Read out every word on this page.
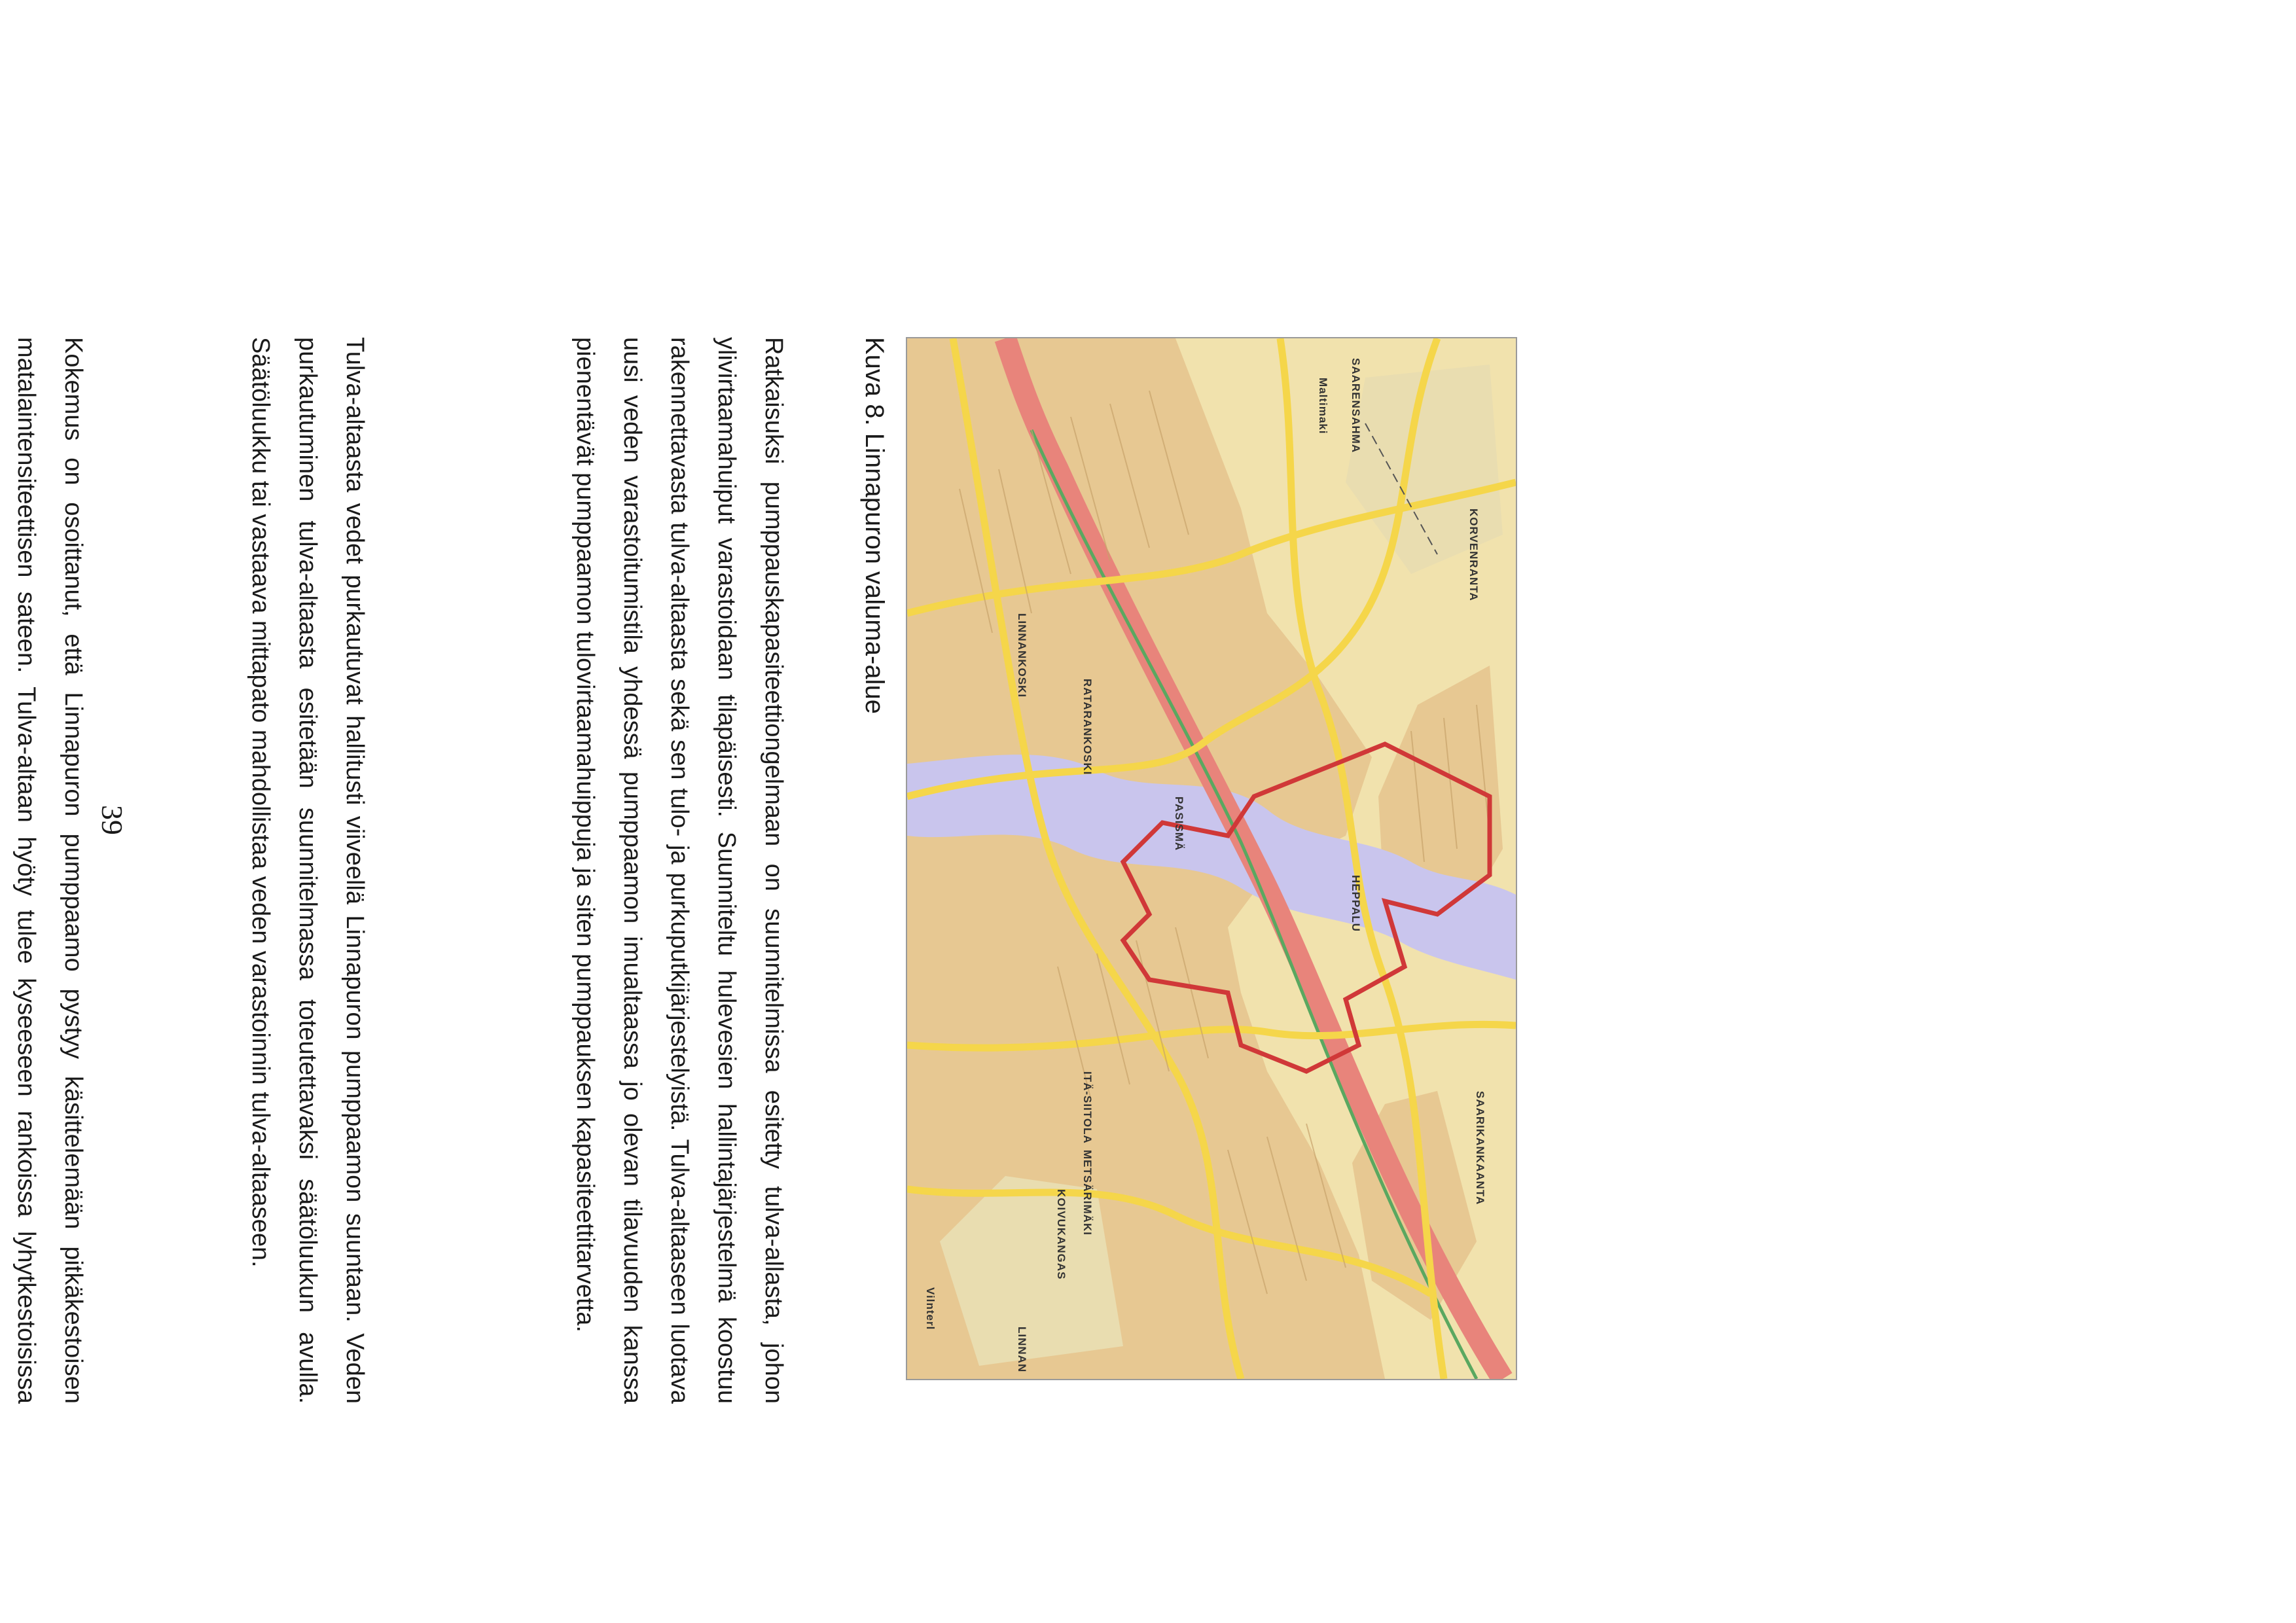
SAARIKANKAANTA
KORVENRANTA
SAARENSAHMA
Maltimaki
HEPPALU
RATARANKOSKI
PASISMÄ
LINNANKOSKI
ITÄ-SIITOLA
METSÄRIMÄKI
KOIVUKANGAS
Vilnterl
LINNAN
Kuva 8. Linnapuron valuma-alue

Ratkaisuksi pumppauskapasiteettiongelmaan on suunnitelmissa esitetty tulva-allasta, johon ylivirtaamahuiput varastoidaan tilapäisesti. Suunniteltu hulevesien hallintajärjestelmä koostuu rakennettavasta tulva-altaasta sekä sen tulo- ja purkuputkijärjestelyistä. Tulva-altaaseen luotava uusi veden varastoitumistila yhdessä pumppaamon imualtaassa jo olevan tilavuuden kanssa pienentävät pumppaamon tulovirtaamahuippuja ja siten pumppauksen kapasiteettitarvetta.

Tulva-altaasta vedet purkautuvat hallitusti viiveellä Linnapuron pumppaamon suuntaan. Veden purkautuminen tulva-altaasta esitetään suunnitelmassa toteutettavaksi säätöluukun avulla. Säätöluukku tai vastaava mittapato mahdollistaa veden varastoinnin tulva-altaaseen.

Kokemus on osoittanut, että Linnapuron pumppaamo pystyy käsittelemään pitkäkestoisen matalaintensiteettisen sateen. Tulva-altaan hyöty tulee kyseeseen rankoissa lyhytkestoisissa

39
